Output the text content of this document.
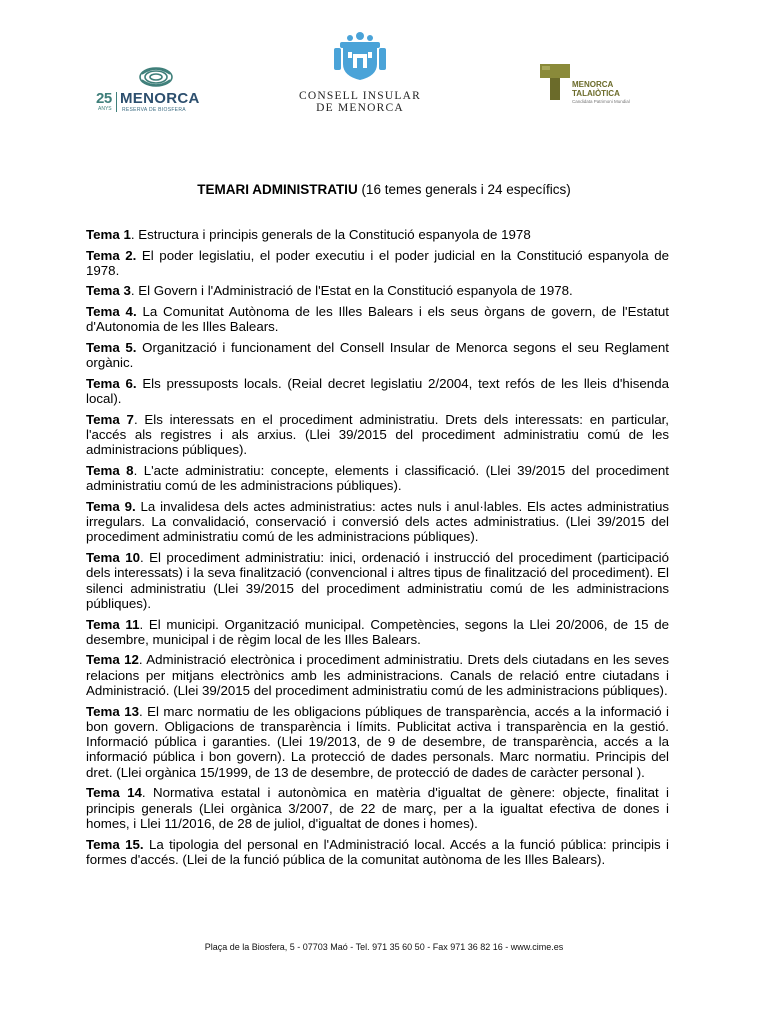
25
ANYS
MENORCA
RESERVA DE BIOSFERA
CONSELL INSULAR
DE MENORCA
MENORCA
TALAIÒTICA
Candidata Patrimoni Mundial
TEMARI ADMINISTRATIU (16 temes generals i 24 específics)
Tema 1. Estructura i principis generals de la Constitució espanyola de 1978
Tema 2. El poder legislatiu, el poder executiu i el poder judicial en la Constitució espanyola de 1978.
Tema 3. El Govern i l'Administració de l'Estat en la Constitució espanyola de 1978.
Tema 4. La Comunitat Autònoma de les Illes Balears i els seus òrgans de govern, de l'Estatut d'Autonomia de les Illes Balears.
Tema 5. Organització i funcionament del Consell Insular de Menorca segons el seu Reglament orgànic.
Tema 6. Els pressuposts locals. (Reial decret legislatiu 2/2004, text refós de les lleis d'hisenda local).
Tema 7. Els interessats en el procediment administratiu. Drets dels interessats: en particular, l'accés als registres i als arxius. (Llei 39/2015 del procediment administratiu comú de les administracions públiques).
Tema 8. L'acte administratiu: concepte, elements i classificació. (Llei 39/2015 del procediment administratiu comú de les administracions públiques).
Tema 9. La invalidesa dels actes administratius: actes nuls i anul·lables. Els actes administratius irregulars. La convalidació, conservació i conversió dels actes administratius. (Llei 39/2015 del procediment administratiu comú de les administracions públiques).
Tema 10. El procediment administratiu: inici, ordenació i instrucció del procediment (participació dels interessats) i la seva finalització (convencional i altres tipus de finalització del procediment). El silenci administratiu (Llei 39/2015 del procediment administratiu comú de les administracions públiques).
Tema 11. El municipi. Organització municipal. Competències, segons la Llei 20/2006, de 15 de desembre, municipal i de règim local de les Illes Balears.
Tema 12. Administració electrònica i procediment administratiu. Drets dels ciutadans en les seves relacions per mitjans electrònics amb les administracions. Canals de relació entre ciutadans i Administració. (Llei 39/2015 del procediment administratiu comú de les administracions públiques).
Tema 13. El marc normatiu de les obligacions públiques de transparència, accés a la informació i bon govern. Obligacions de transparència i límits. Publicitat activa i transparència en la gestió. Informació pública i garanties. (Llei 19/2013, de 9 de desembre, de transparència, accés a la informació pública i bon govern). La protecció de dades personals. Marc normatiu. Principis del dret. (Llei orgànica 15/1999, de 13 de desembre, de protecció de dades de caràcter personal ).
Tema 14. Normativa estatal i autonòmica en matèria d'igualtat de gènere: objecte, finalitat i principis generals (Llei orgànica 3/2007, de 22 de març, per a la igualtat efectiva de dones i homes, i Llei 11/2016, de 28 de juliol, d'igualtat de dones i homes).
Tema 15. La tipologia del personal en l'Administració local. Accés a la funció pública: principis i formes d'accés. (Llei de la funció pública de la comunitat autònoma de les Illes Balears).
Plaça de la Biosfera, 5 - 07703 Maó - Tel. 971 35 60 50 - Fax 971 36 82 16 - www.cime.es
